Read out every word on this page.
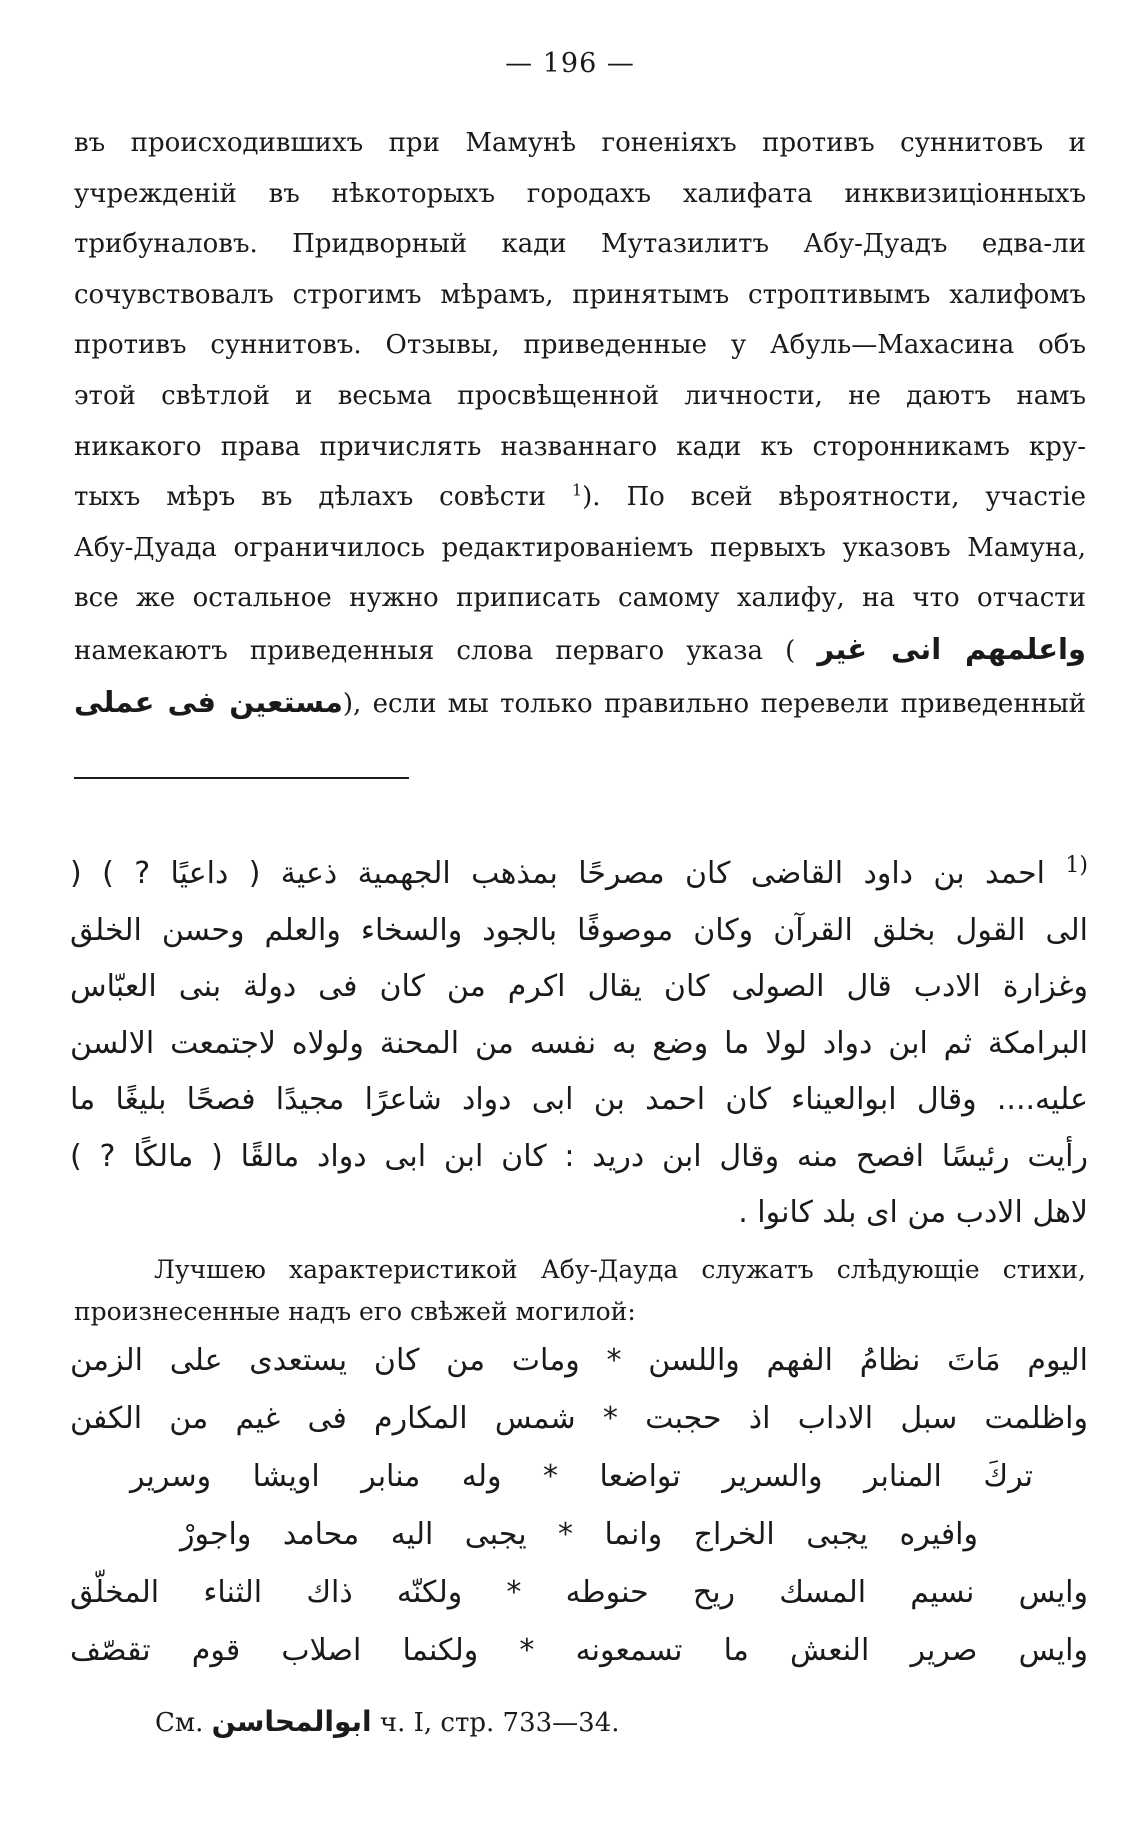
— 196 —
въ происходившихъ при Мамунѣ гоненіяхъ противъ суннитовъ и
учрежденій въ нѣкоторыхъ городахъ халифата инквизиціонныхъ
трибуналовъ. Придворный кади Мутазилитъ Абу-Дуадъ едва-ли
сочувствовалъ строгимъ мѣрамъ, принятымъ строптивымъ халифомъ
противъ суннитовъ. Отзывы, приведенные у Абуль—Махасина объ
этой свѣтлой и весьма просвѣщенной личности, не даютъ намъ
никакого права причислять названнаго кади къ сторонникамъ кру-
тыхъ мѣръ въ дѣлахъ совѣсти $^1$). По всей вѣроятности, участіе
Абу-Дуада ограничилось редактированіемъ первыхъ указовъ Мамуна,
все же остальное нужно приписать самому халифу, на что отчасти
намекаютъ приведенныя слова перваго указа ( واعلمهم انى غير
مستعين فى عملى), если мы только правильно перевели приведенный
$^{1)}$ احمد بن داود القاضى كان مصرحًا بمذهب الجهمية ذعية ( داعيًا ? ) (
الى القول بخلق القرآن وكان موصوفًا بالجود والسخاء والعلم وحسن الخلق
وغزارة الادب قال الصولى كان يقال اكرم من كان فى دولة بنى العبّاس
البرامكة ثم ابن دواد لولا ما وضع به نفسه من المحنة ولولاه لاجتمعت الالسن
عليه.... وقال ابوالعيناء كان احمد بن ابى دواد شاعرًا مجيدًا فصحًا بليغًا ما
رأيت رئيسًا افصح منه وقال ابن دريد : كان ابن ابى دواد مالقًا ( مالكًا ? )
لاهل الادب من اى بلد كانوا .
Лучшею характеристикой Абу-Дауда служатъ слѣдующіе стихи,
произнесенные надъ его свѣжей могилой:
اليوم مَاتَ نظامُ الفهم واللسن * ومات من كان يستعدى على الزمن
واظلمت سبل الاداب اذ حجبت * شمس المكارم فى غيم من الكفن
تركَ المنابر والسرير تواضعا * وله منابر اويشا وسرير
وافيره يجبى الخراج وانما * يجبى اليه محامد واجورْ
وايس نسيم المسك ريح حنوطه * ولكنّه ذاك الثناء المخلّق
وايس صرير النعش ما تسمعونه * ولكنما اصلاب قوم تقصّف
См. ابوالمحاسن ч. I, стр. 733—34.
